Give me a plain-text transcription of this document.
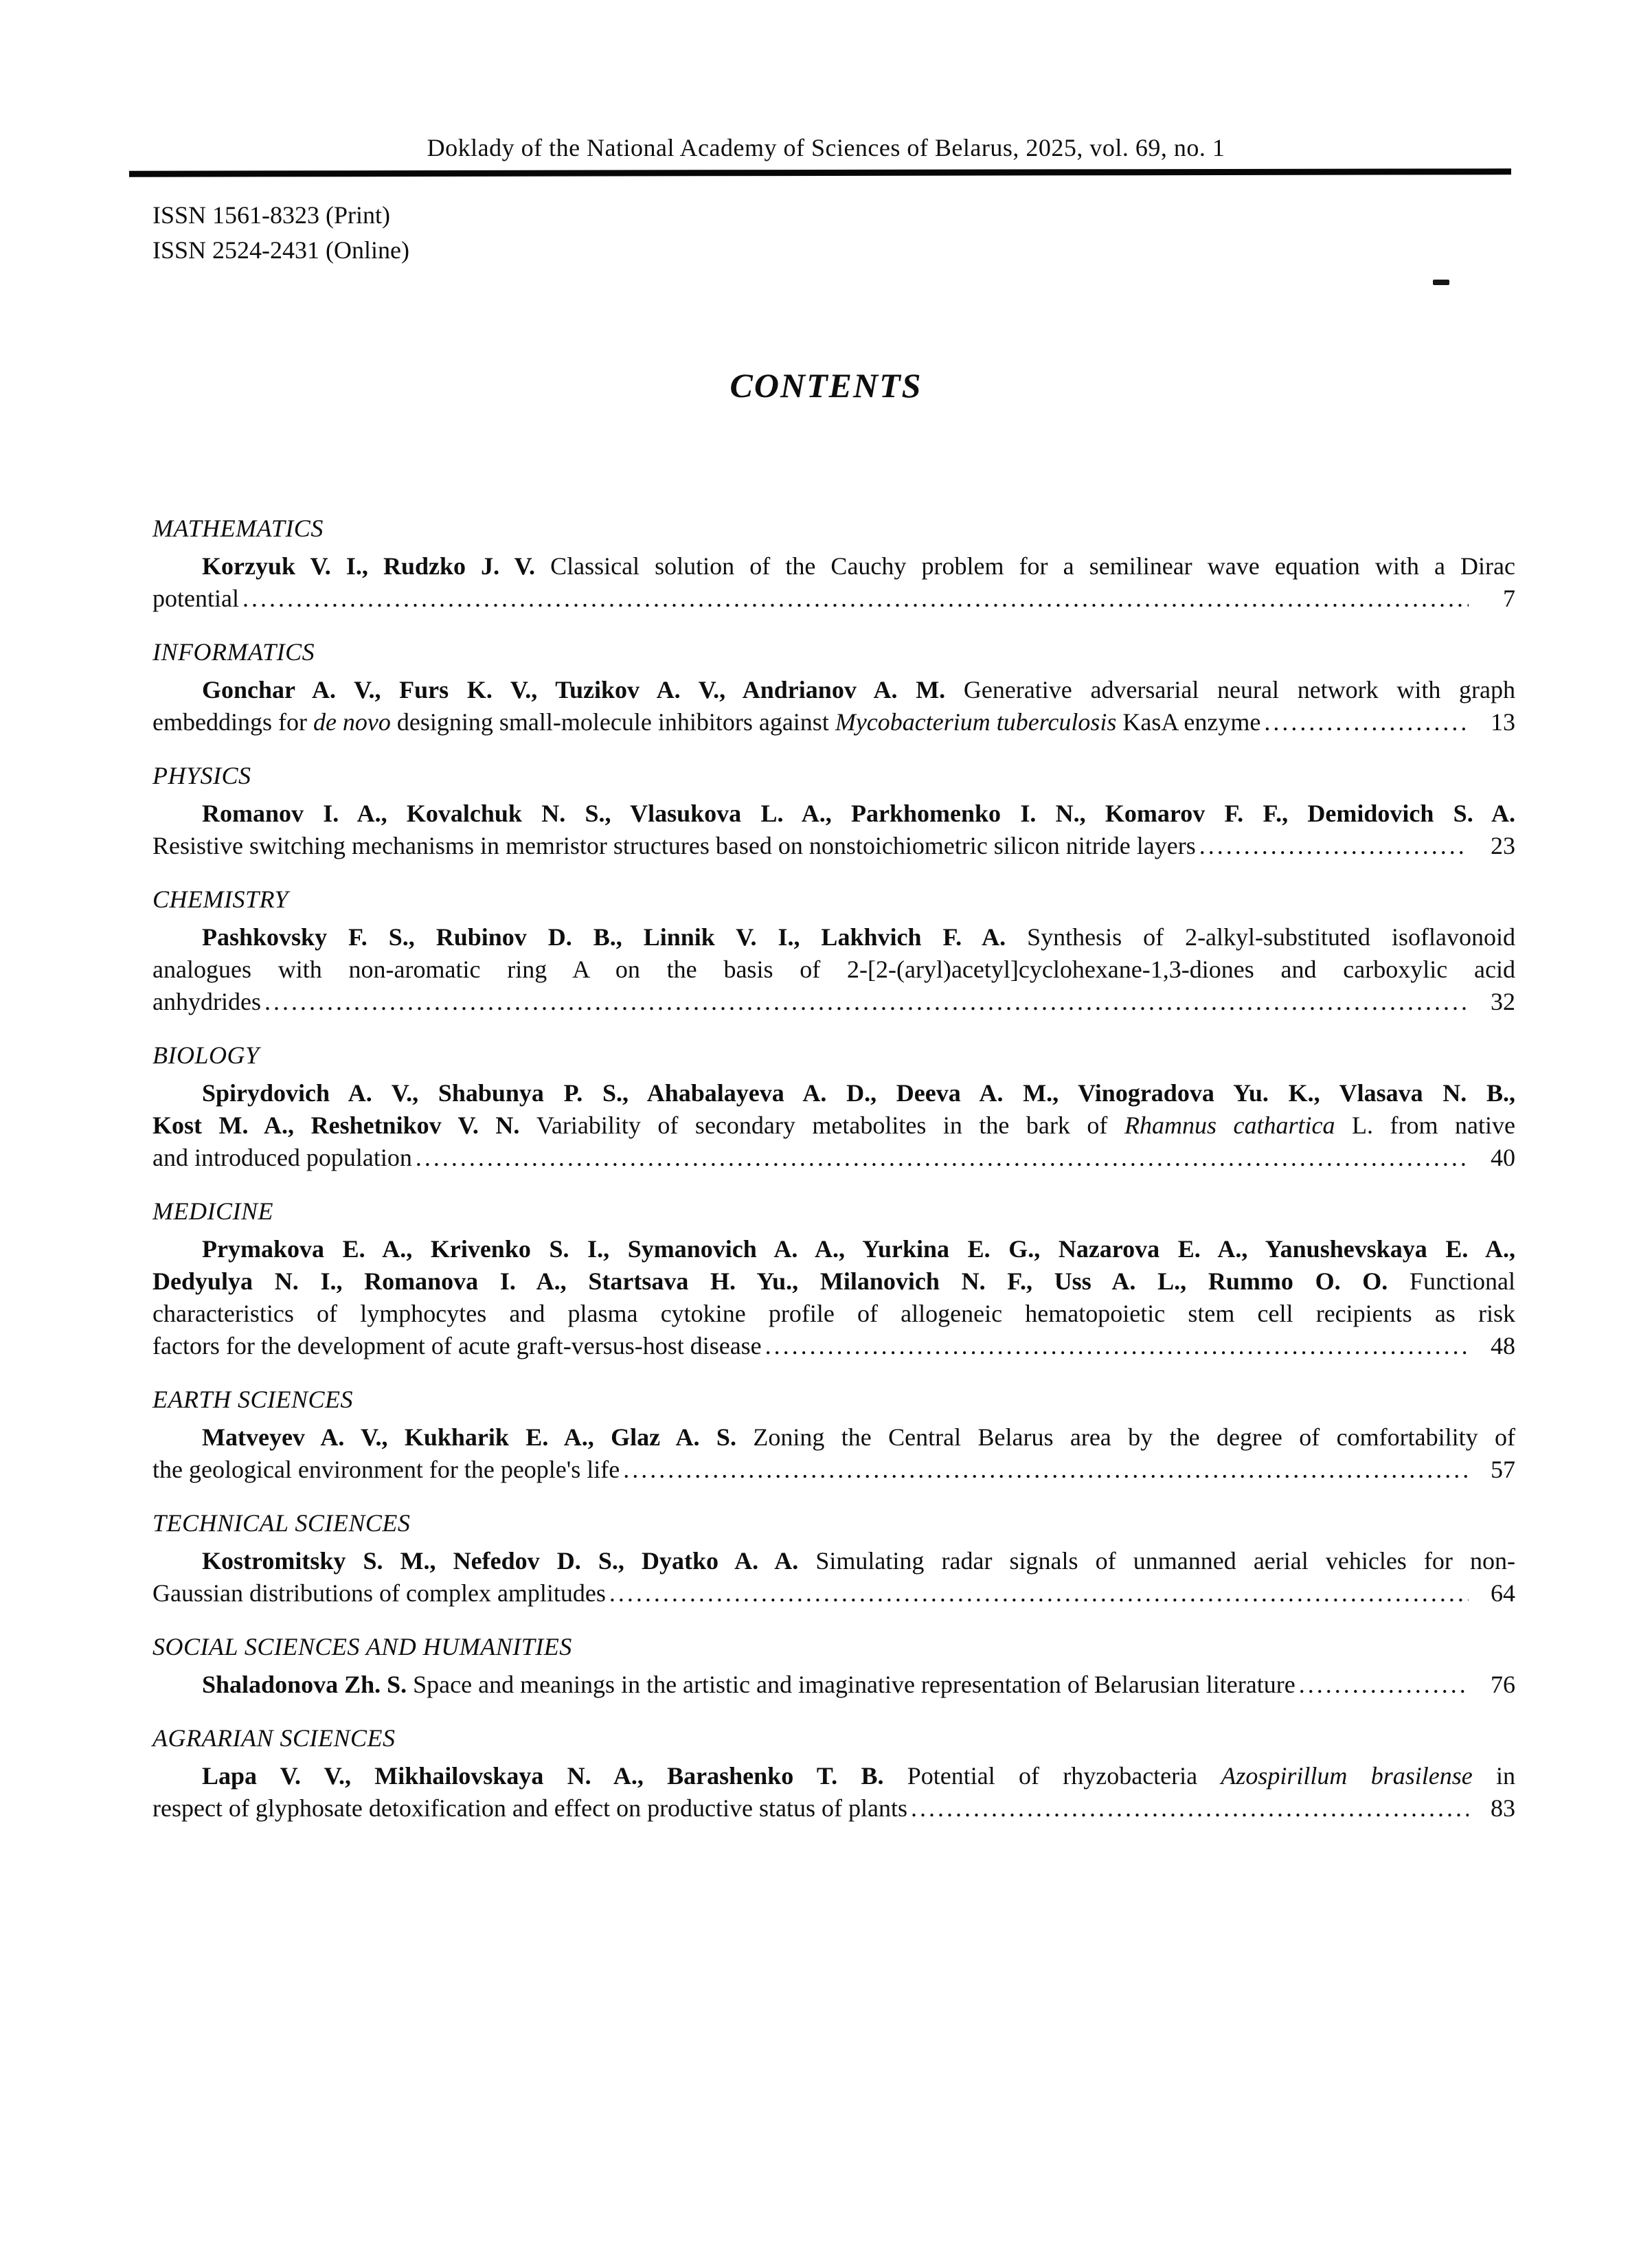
Doklady of the National Academy of Sciences of Belarus, 2025, vol. 69, no. 1
ISSN 1561-8323 (Print)
ISSN 2524-2431 (Online)
CONTENTS
MATHEMATICS
Korzyuk V. I., Rudzko J. V. Classical solution of the Cauchy problem for a semilinear wave equation with a Dirac
potential .....	7
INFORMATICS
Gonchar A. V., Furs K. V., Tuzikov A. V., Andrianov A. M. Generative adversarial neural network with graph
embeddings for de novo designing small-molecule inhibitors against Mycobacterium tuberculosis KasA enzyme .....	13
PHYSICS
Romanov I. A., Kovalchuk N. S., Vlasukova L. A., Parkhomenko I. N., Komarov F. F., Demidovich S. A.
Resistive switching mechanisms in memristor structures based on nonstoichiometric silicon nitride layers .....	23
CHEMISTRY
Pashkovsky F. S., Rubinov D. B., Linnik V. I., Lakhvich F. A. Synthesis of 2-alkyl-substituted isoflavonoid
analogues with non-aromatic ring A on the basis of 2-[2-(aryl)acetyl]cyclohexane-1,3-diones and carboxylic acid
anhydrides .....	32
BIOLOGY
Spirydovich A. V., Shabunya P. S., Ahabalayeva A. D., Deeva A. M., Vinogradova Yu. K., Vlasava N. B.,
Kost M. A., Reshetnikov V. N. Variability of secondary metabolites in the bark of Rhamnus cathartica L. from native
and introduced population .....	40
MEDICINE
Prymakova E. A., Krivenko S. I., Symanovich A. A., Yurkina E. G., Nazarova E. A., Yanushevskaya E. A.,
Dedyulya N. I., Romanova I. A., Startsava H. Yu., Milanovich N. F., Uss A. L., Rummo O. O. Functional
characteristics of lymphocytes and plasma cytokine profile of allogeneic hematopoietic stem cell recipients as risk
factors for the development of acute graft-versus-host disease .....	48
EARTH SCIENCES
Matveyev A. V., Kukharik E. A., Glaz A. S. Zoning the Central Belarus area by the degree of comfortability of
the geological environment for the people's life .....	57
TECHNICAL SCIENCES
Kostromitsky S. M., Nefedov D. S., Dyatko A. A. Simulating radar signals of unmanned aerial vehicles for non-
Gaussian distributions of complex amplitudes .....	64
SOCIAL SCIENCES AND HUMANITIES
Shaladonova Zh. S. Space and meanings in the artistic and imaginative representation of Belarusian literature .....	76
AGRARIAN SCIENCES
Lapa V. V., Mikhailovskaya N. A., Barashenko T. B. Potential of rhyzobacteria Azospirillum brasilense in
respect of glyphosate detoxification and effect on productive status of plants .....	83
